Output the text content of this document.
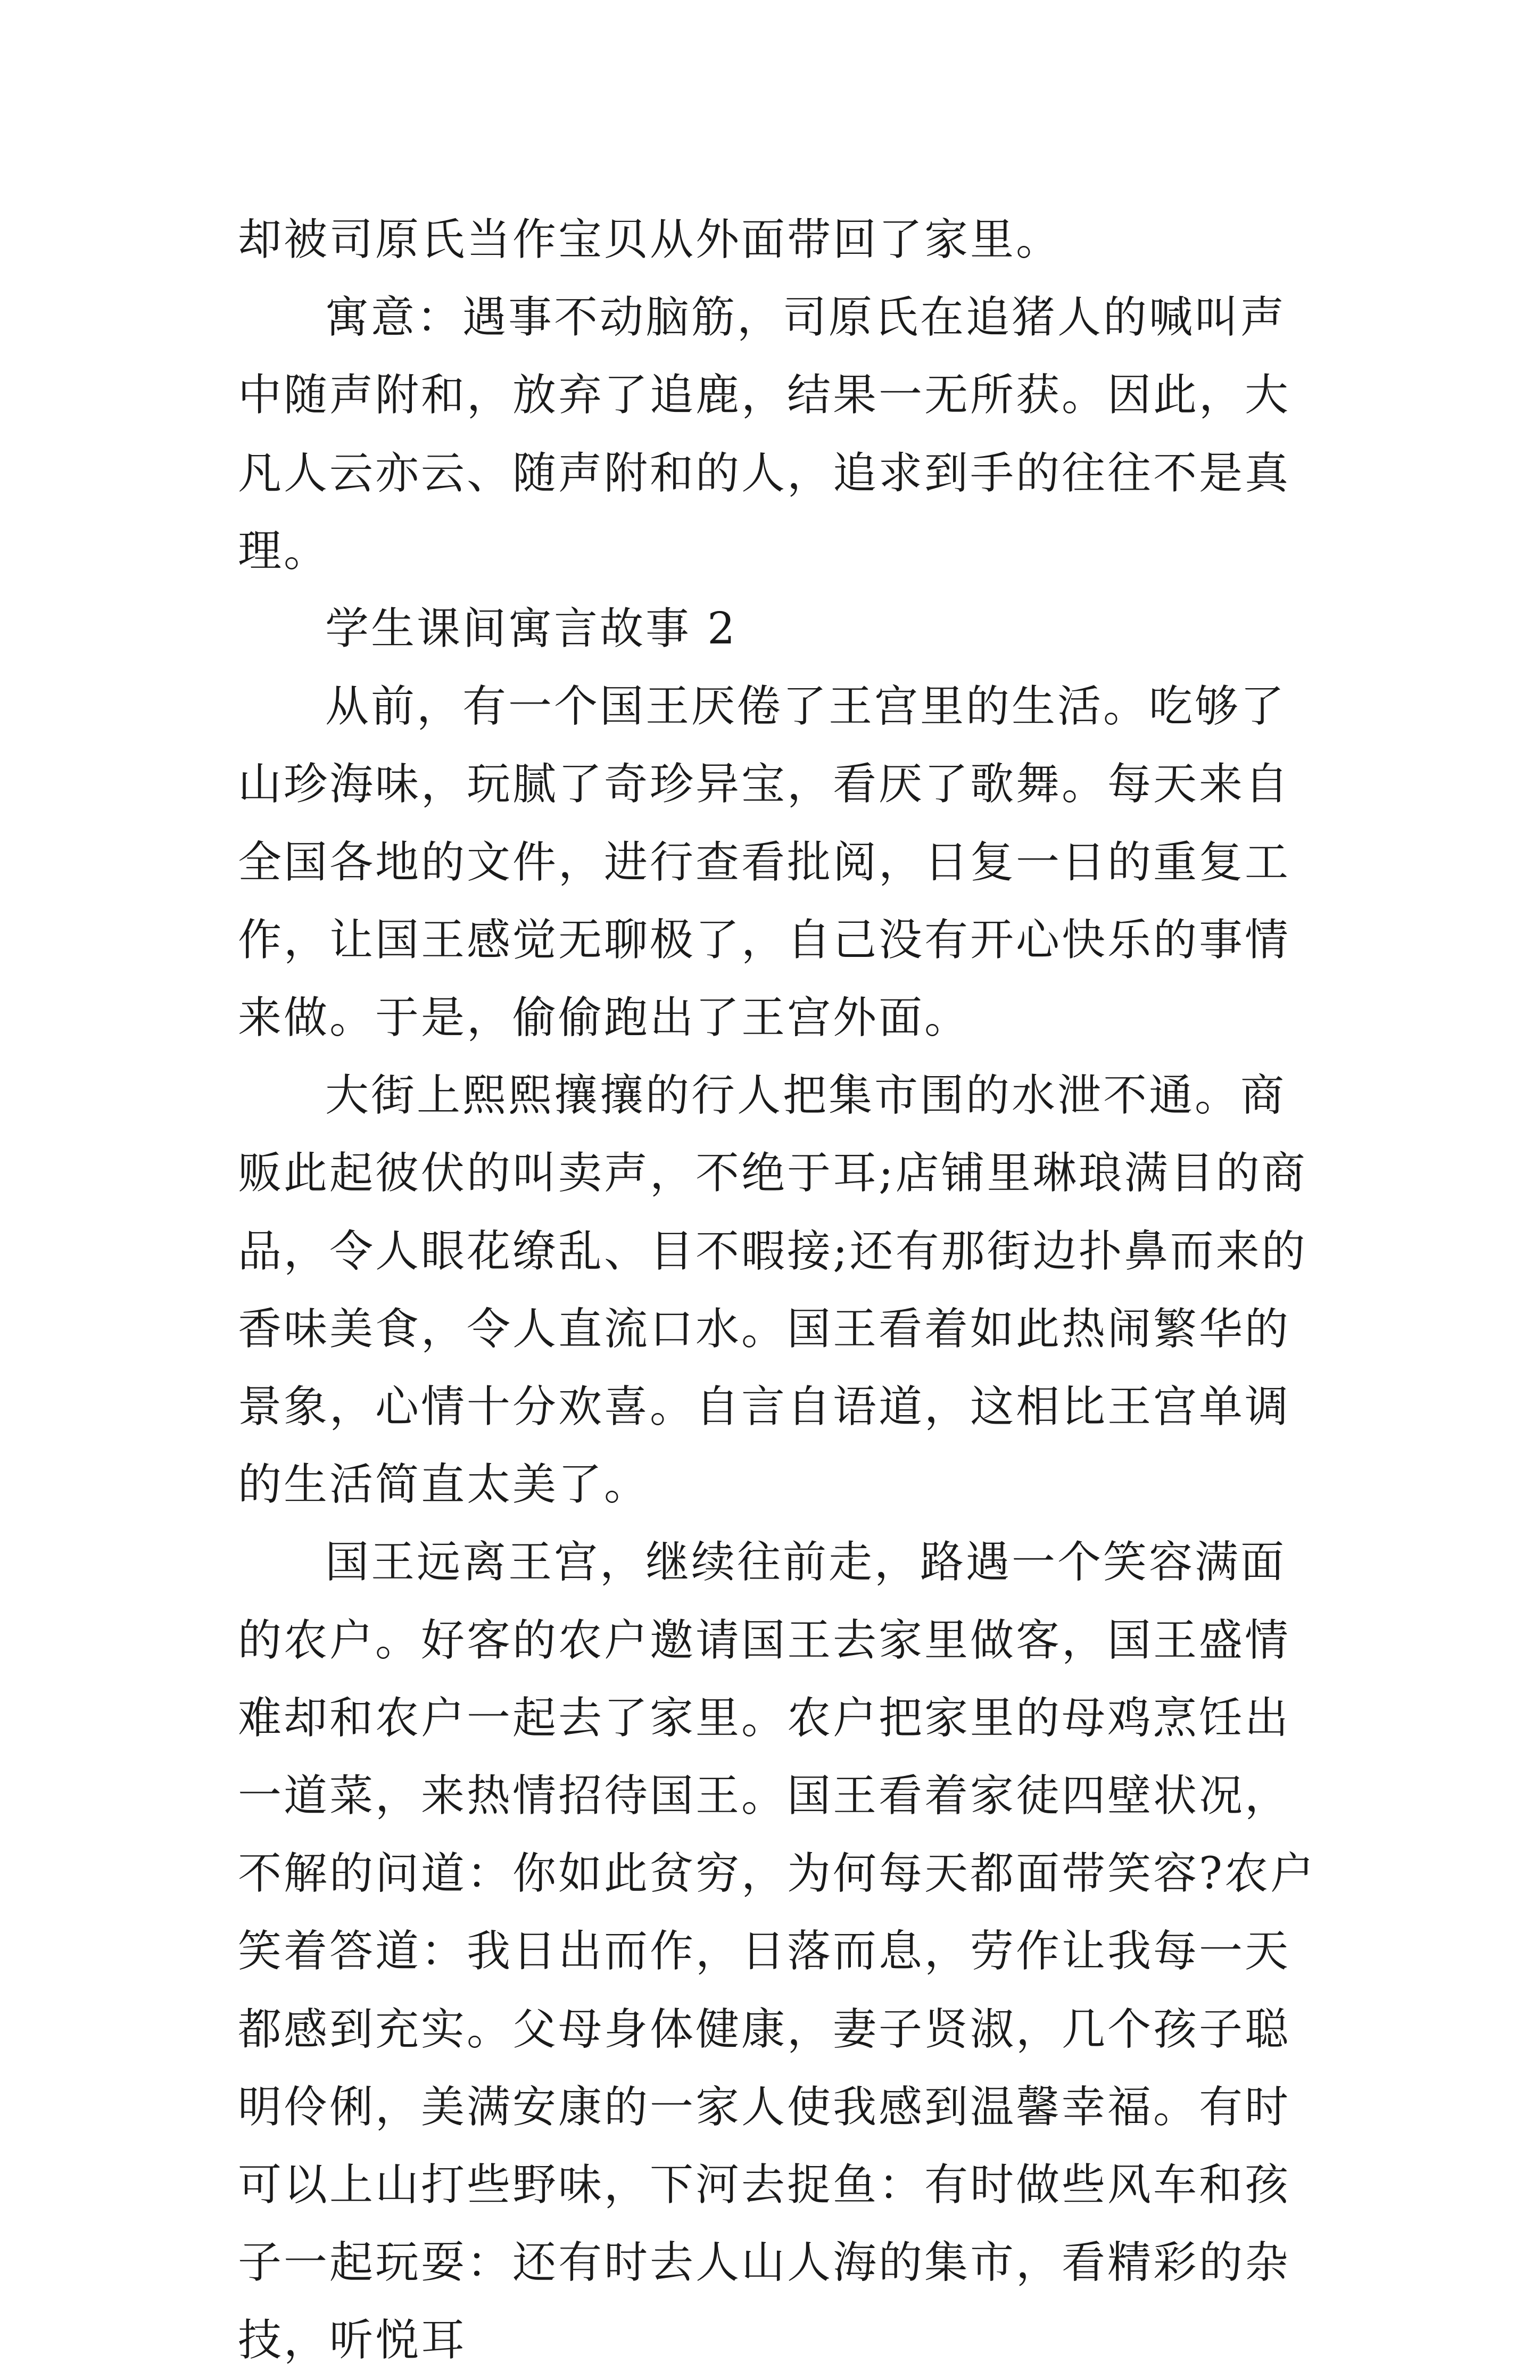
却被司原氏当作宝贝从外面带回了家里。

寓意：遇事不动脑筋，司原氏在追猪人的喊叫声中随声附和，放弃了追鹿，结果一无所获。因此，大凡人云亦云、随声附和的人，追求到手的往往不是真理。

学生课间寓言故事 2

从前，有一个国王厌倦了王宫里的生活。吃够了山珍海味，玩腻了奇珍异宝，看厌了歌舞。每天来自全国各地的文件，进行查看批阅，日复一日的重复工作，让国王感觉无聊极了，自己没有开心快乐的事情来做。于是，偷偷跑出了王宫外面。

大街上熙熙攘攘的行人把集市围的水泄不通。商贩此起彼伏的叫卖声，不绝于耳;店铺里琳琅满目的商品，令人眼花缭乱、目不暇接;还有那街边扑鼻而来的香味美食，令人直流口水。国王看着如此热闹繁华的景象，心情十分欢喜。自言自语道，这相比王宫单调的生活简直太美了。

国王远离王宫，继续往前走，路遇一个笑容满面的农户。好客的农户邀请国王去家里做客，国王盛情难却和农户一起去了家里。农户把家里的母鸡烹饪出一道菜，来热情招待国王。国王看着家徒四壁状况，不解的问道：你如此贫穷，为何每天都面带笑容?农户笑着答道：我日出而作，日落而息，劳作让我每一天都感到充实。父母身体健康，妻子贤淑，几个孩子聪明伶俐，美满安康的一家人使我感到温馨幸福。有时可以上山打些野味，下河去捉鱼：有时做些风车和孩子一起玩耍：还有时去人山人海的集市，看精彩的杂技，听悦耳
